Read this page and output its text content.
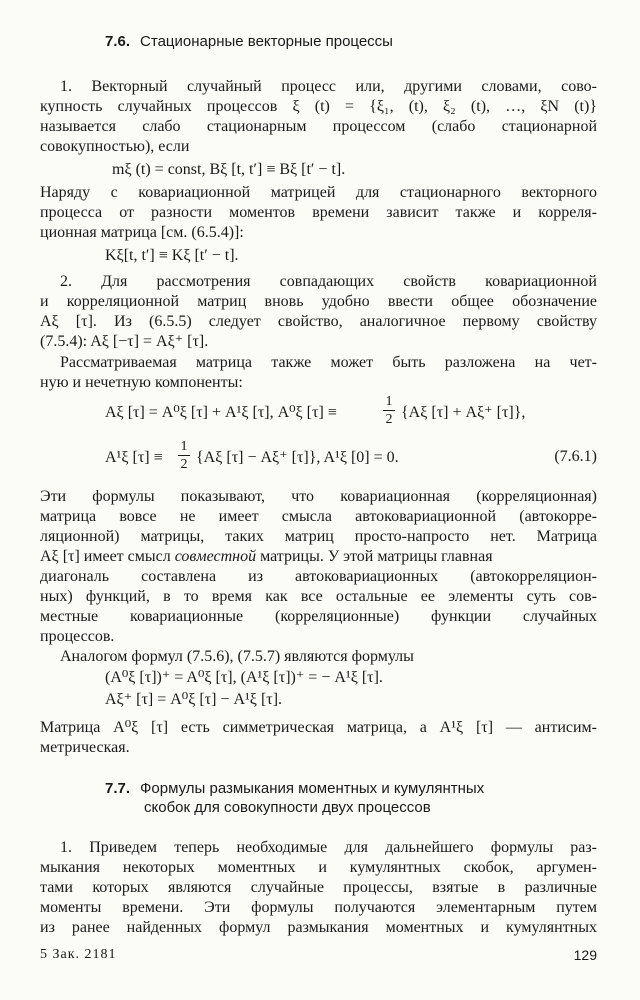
7.6. Стационарные векторные процессы

1. Векторный случайный процесс или, другими словами, сово-

купность случайных процессов ξ (t) = {ξ₁, (t), ξ₂ (t), …, ξN (t)}

называется слабо стационарным процессом (слабо стационарной

совокупностью), если

mξ (t) = const, Bξ [t, t′] ≡ Bξ [t′ − t].

Наряду с ковариационной матрицей для стационарного векторного

процесса от разности моментов времени зависит также и корреля-

ционная матрица [см. (6.5.4)]:

Kξ[t, t′] ≡ Kξ [t′ − t].

2. Для рассмотрения совпадающих свойств ковариационной

и корреляционной матриц вновь удобно ввести общее обозначение

Aξ [τ]. Из (6.5.5) следует свойство, аналогичное первому свойству

(7.5.4): Aξ [−τ] = Aξ⁺ [τ].

Рассматриваемая матрица также может быть разложена на чет-

ную и нечетную компоненты:

Aξ [τ] = A⁰ξ [τ] + A¹ξ [τ], A⁰ξ [τ] ≡	$\frac{1}{2} \{A\xi$ [τ] + Aξ⁺ [τ]},

A¹ξ $[\tau] \equiv \frac{1}{2} \{A\xi$ [τ] − Aξ⁺ [τ]}, A¹ξ [0] = 0.	(7.6.1)

Эти формулы показывают, что ковариационная (корреляционная)

матрица вовсе не имеет смысла автоковариационной (автокорре-

ляционной) матрицы, таких матриц просто-напросто нет. Матрица

Aξ [τ] имеет смысл совместной матрицы. У этой матрицы главная

диагональ составлена из автоковариационных (автокорреляцион-

ных) функций, в то время как все остальные ее элементы суть сов-

местные ковариационные (корреляционные) функции случайных

процессов.

Аналогом формул (7.5.6), (7.5.7) являются формулы

(A⁰ξ [τ])⁺ = A⁰ξ [τ], (A¹ξ [τ])⁺ = − A¹ξ [τ].

Aξ⁺ [τ] = A⁰ξ [τ] − A¹ξ [τ].

Матрица A⁰ξ [τ] есть симметрическая матрица, а A¹ξ [τ] — антисим-

метрическая.

7.7. Формулы размыкания моментных и кумулянтных
скобок для совокупности двух процессов

1. Приведем теперь необходимые для дальнейшего формулы раз-

мыкания некоторых моментных и кумулянтных скобок, аргумен-

тами которых являются случайные процессы, взятые в различные

моменты времени. Эти формулы получаются элементарным путем

из ранее найденных формул размыкания моментных и кумулянтных

5 Зак. 2181	129
